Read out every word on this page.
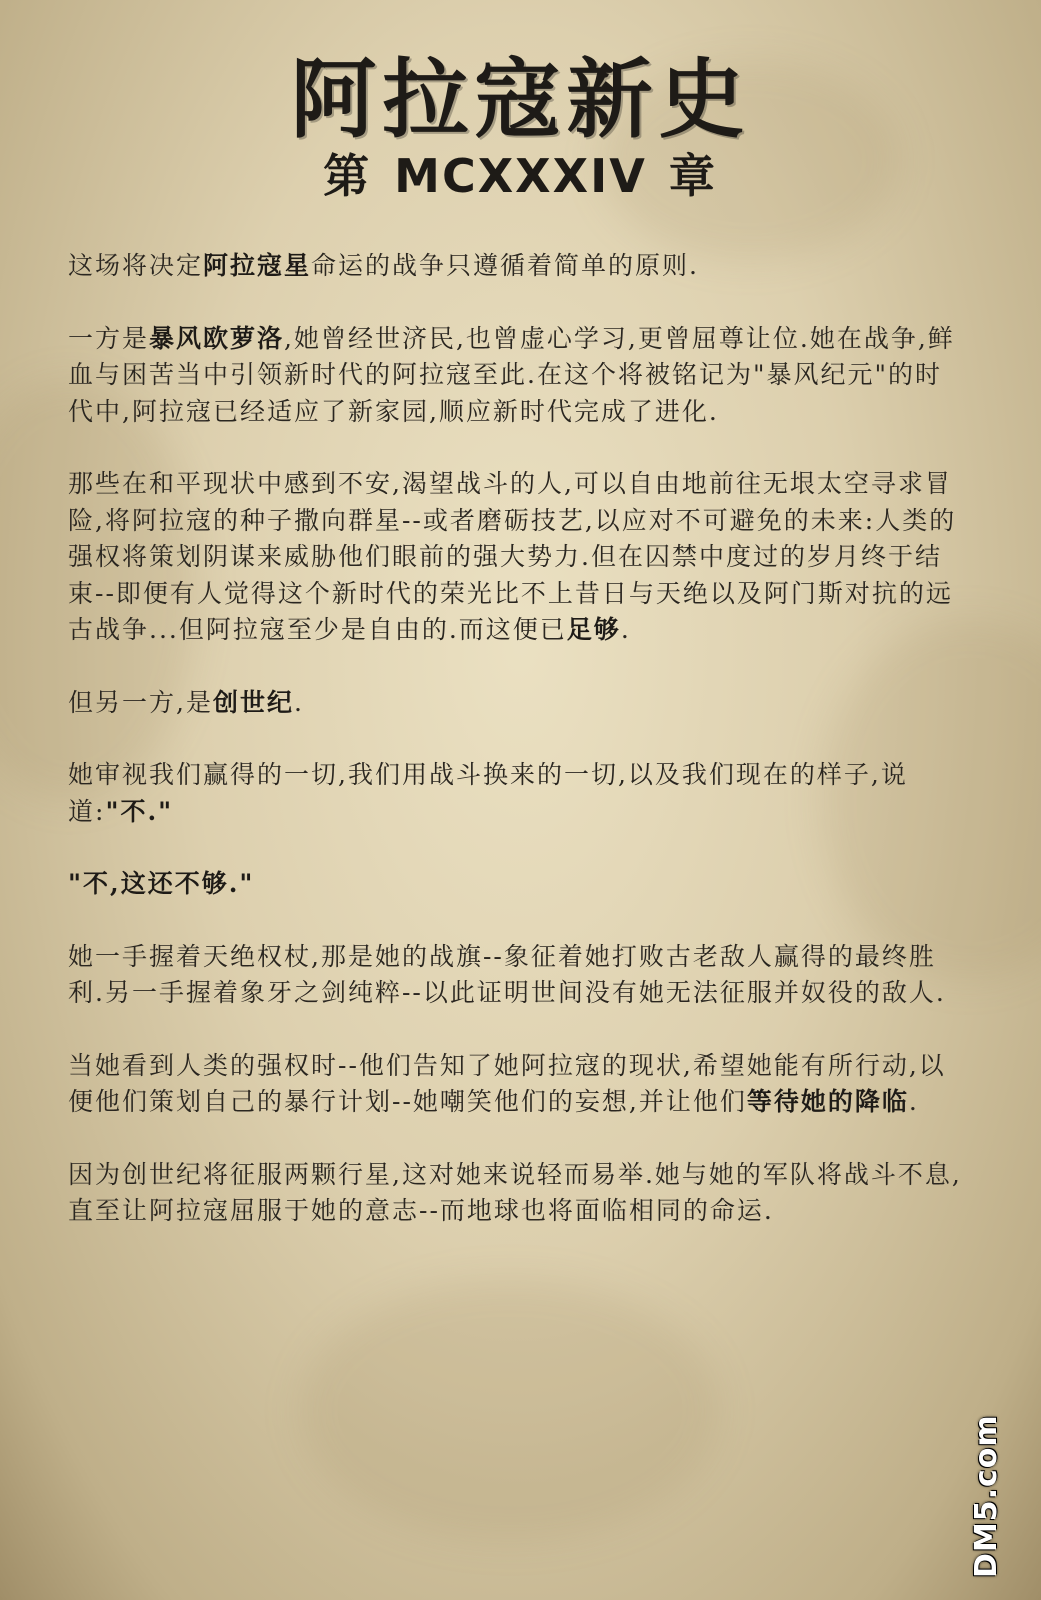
阿拉寇新史
第 MCXXXIV 章

这场将决定阿拉寇星命运的战争只遵循着简单的原则.

一方是暴风欧萝洛,她曾经世济民,也曾虚心学习,更曾屈尊让位.她在战争,鲜血与困苦当中引领新时代的阿拉寇至此.在这个将被铭记为"暴风纪元"的时代中,阿拉寇已经适应了新家园,顺应新时代完成了进化.

那些在和平现状中感到不安,渴望战斗的人,可以自由地前往无垠太空寻求冒险,将阿拉寇的种子撒向群星--或者磨砺技艺,以应对不可避免的未来:人类的强权将策划阴谋来威胁他们眼前的强大势力.但在囚禁中度过的岁月终于结束--即便有人觉得这个新时代的荣光比不上昔日与天绝以及阿门斯对抗的远古战争...但阿拉寇至少是自由的.而这便已足够.

但另一方,是创世纪.

她审视我们赢得的一切,我们用战斗换来的一切,以及我们现在的样子,说道:"不."

"不,这还不够."

她一手握着天绝权杖,那是她的战旗--象征着她打败古老敌人赢得的最终胜利.另一手握着象牙之剑纯粹--以此证明世间没有她无法征服并奴役的敌人.

当她看到人类的强权时--他们告知了她阿拉寇的现状,希望她能有所行动,以便他们策划自己的暴行计划--她嘲笑他们的妄想,并让他们等待她的降临.

因为创世纪将征服两颗行星,这对她来说轻而易举.她与她的军队将战斗不息,直至让阿拉寇屈服于她的意志--而地球也将面临相同的命运.

DM5.com
